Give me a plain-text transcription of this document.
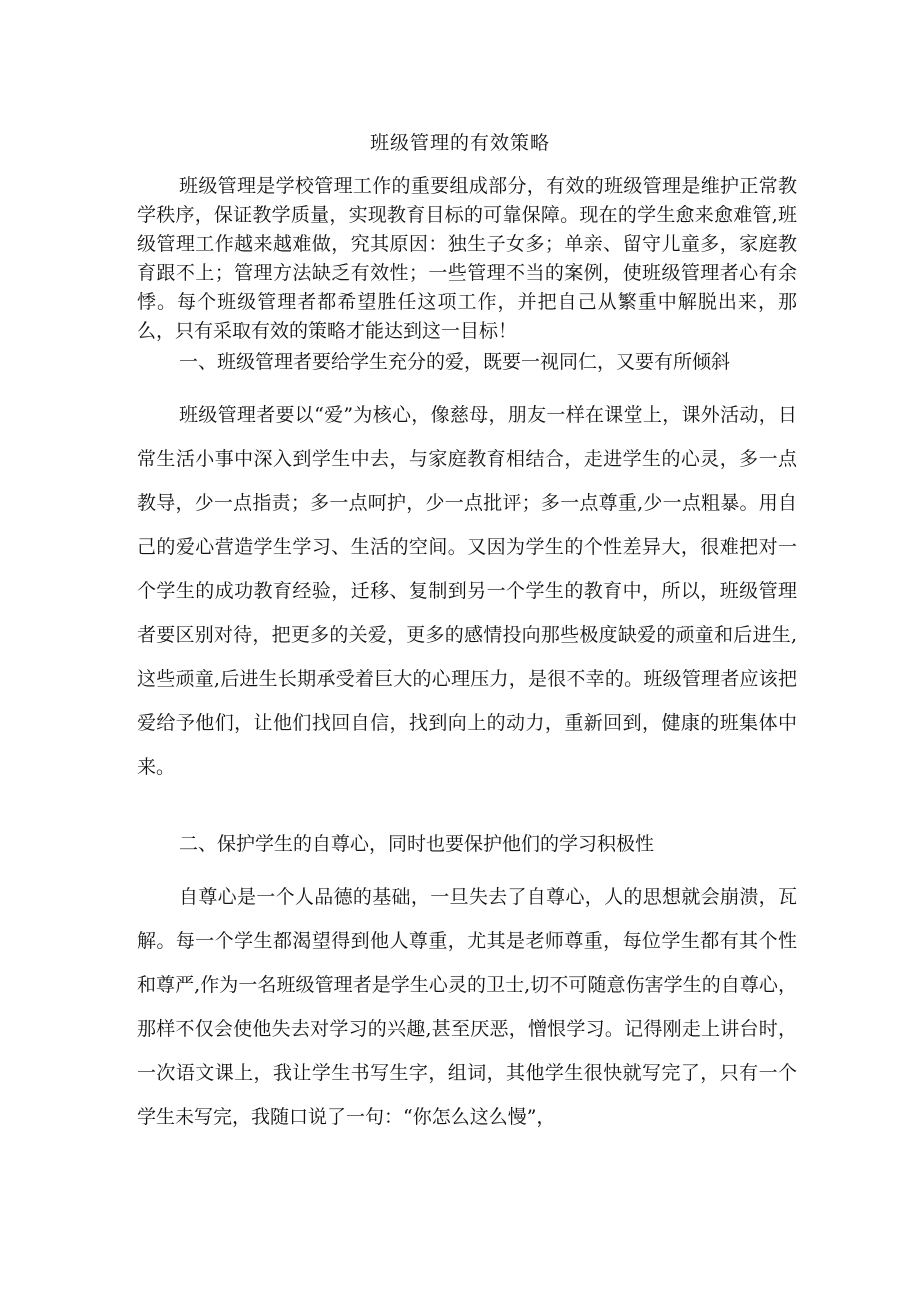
班级管理的有效策略

班级管理是学校管理工作的重要组成部分，有效的班级管理是维护正常教学秩序，保证教学质量，实现教育目标的可靠保障。现在的学生愈来愈难管,班级管理工作越来越难做，究其原因：独生子女多；单亲、留守儿童多，家庭教育跟不上；管理方法缺乏有效性；一些管理不当的案例，使班级管理者心有余悸。每个班级管理者都希望胜任这项工作，并把自己从繁重中解脱出来，那么，只有采取有效的策略才能达到这一目标！

一、班级管理者要给学生充分的爱，既要一视同仁，又要有所倾斜

班级管理者要以“爱”为核心，像慈母，朋友一样在课堂上，课外活动，日常生活小事中深入到学生中去，与家庭教育相结合，走进学生的心灵，多一点教导，少一点指责；多一点呵护，少一点批评；多一点尊重,少一点粗暴。用自己的爱心营造学生学习、生活的空间。又因为学生的个性差异大，很难把对一个学生的成功教育经验，迁移、复制到另一个学生的教育中，所以，班级管理者要区别对待，把更多的关爱，更多的感情投向那些极度缺爱的顽童和后进生,这些顽童,后进生长期承受着巨大的心理压力，是很不幸的。班级管理者应该把爱给予他们，让他们找回自信，找到向上的动力，重新回到，健康的班集体中来。

二、保护学生的自尊心，同时也要保护他们的学习积极性

自尊心是一个人品德的基础，一旦失去了自尊心，人的思想就会崩溃，瓦解。每一个学生都渴望得到他人尊重，尤其是老师尊重，每位学生都有其个性和尊严,作为一名班级管理者是学生心灵的卫士,切不可随意伤害学生的自尊心，那样不仅会使他失去对学习的兴趣,甚至厌恶，憎恨学习。记得刚走上讲台时，一次语文课上，我让学生书写生字，组词，其他学生很快就写完了，只有一个学生未写完，我随口说了一句：“你怎么这么慢”，
